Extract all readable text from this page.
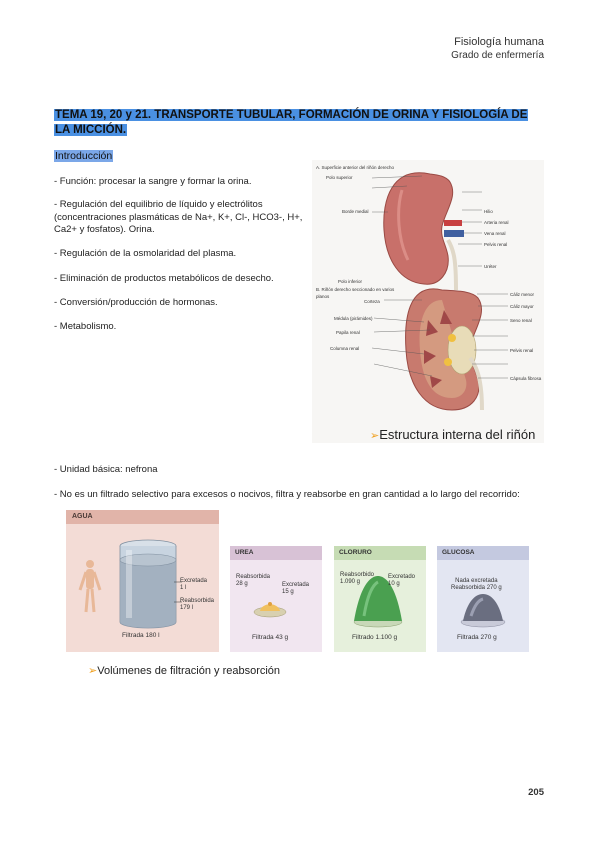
Fisiología humana
Grado de enfermería
TEMA 19, 20 y 21. TRANSPORTE TUBULAR, FORMACIÓN DE ORINA Y FISIOLOGÍA DE LA MICCIÓN.
Introducción
- Función: procesar la sangre y formar la orina.
- Regulación del equilibrio de líquido y electrólitos (concentraciones plasmáticas de Na+, K+, Cl-, HCO3-, H+, Ca2+ y fosfatos). Orina.
- Regulación de la osmolaridad del plasma.
- Eliminación de productos metabólicos de desecho.
- Conversión/producción de hormonas.
- Metabolismo.
A. Superficie anterior del riñón derecho
Polo superior
Borde medial	Hilio
Arteria renal
Vena renal
Pelvis renal
Uréter
Polo inferior
B. Riñón derecho seccionado en varios planos
Corteza
Médula (pirámides)
Papila renal
Columna renal
Cáliz menor
Cáliz mayor
Seno renal
Pelvis renal
Cápsula fibrosa
➢Estructura interna del riñón
- Unidad básica: nefrona
- No es un filtrado selectivo para excesos o nocivos, filtra y reabsorbe en gran cantidad a lo largo del recorrido:
AGUA
Excretada
1 l
Reabsorbida
179 l
Filtrada 180 l
UREA
Reabsorbida
28 g	Excretada
15 g
Filtrada 43 g
CLORURO
Reabsorbido
1.090 g
Excretado
10 g
Filtrado 1.100 g
GLUCOSA
Nada excretada
Reabsorbida 270 g
Filtrada 270 g
➢Volúmenes de filtración y reabsorción
205
